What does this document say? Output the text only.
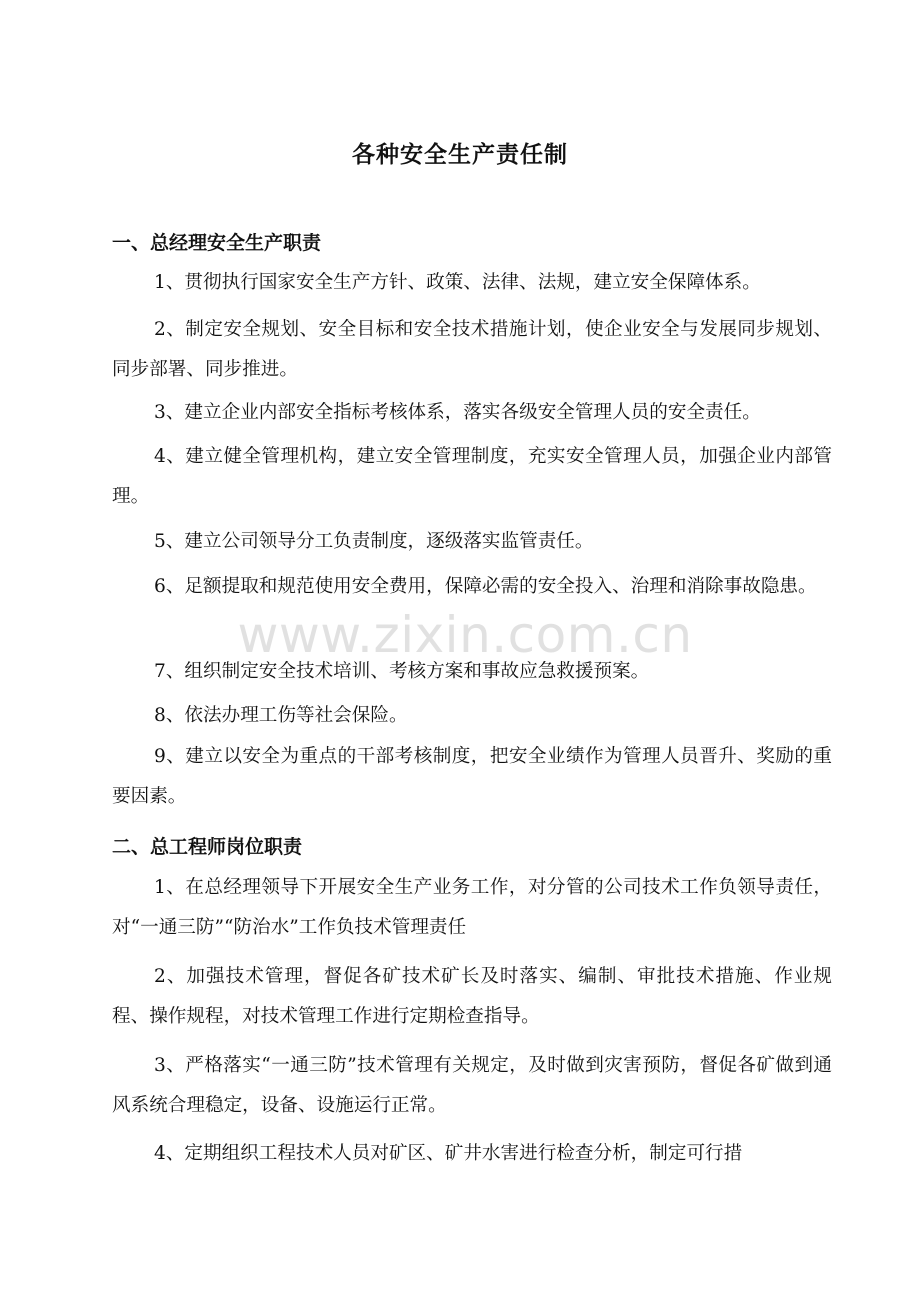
各种安全生产责任制
一、总经理安全生产职责

1、贯彻执行国家安全生产方针、政策、法律、法规，建立安全保障体系。

2、制定安全规划、安全目标和安全技术措施计划，使企业安全与发展同步规划、同步部署、同步推进。

3、建立企业内部安全指标考核体系，落实各级安全管理人员的安全责任。

4、建立健全管理机构，建立安全管理制度，充实安全管理人员，加强企业内部管理。

5、建立公司领导分工负责制度，逐级落实监管责任。

6、足额提取和规范使用安全费用，保障必需的安全投入、治理和消除事故隐患。

7、组织制定安全技术培训、考核方案和事故应急救援预案。

8、依法办理工伤等社会保险。

9、建立以安全为重点的干部考核制度，把安全业绩作为管理人员晋升、奖励的重要因素。

二、总工程师岗位职责

1、在总经理领导下开展安全生产业务工作，对分管的公司技术工作负领导责任，对“一通三防”“防治水”工作负技术管理责任

2、加强技术管理，督促各矿技术矿长及时落实、编制、审批技术措施、作业规程、操作规程，对技术管理工作进行定期检查指导。

3、严格落实“一通三防”技术管理有关规定，及时做到灾害预防，督促各矿做到通风系统合理稳定，设备、设施运行正常。

4、定期组织工程技术人员对矿区、矿井水害进行检查分析，制定可行措

www.zixin.com.cn
